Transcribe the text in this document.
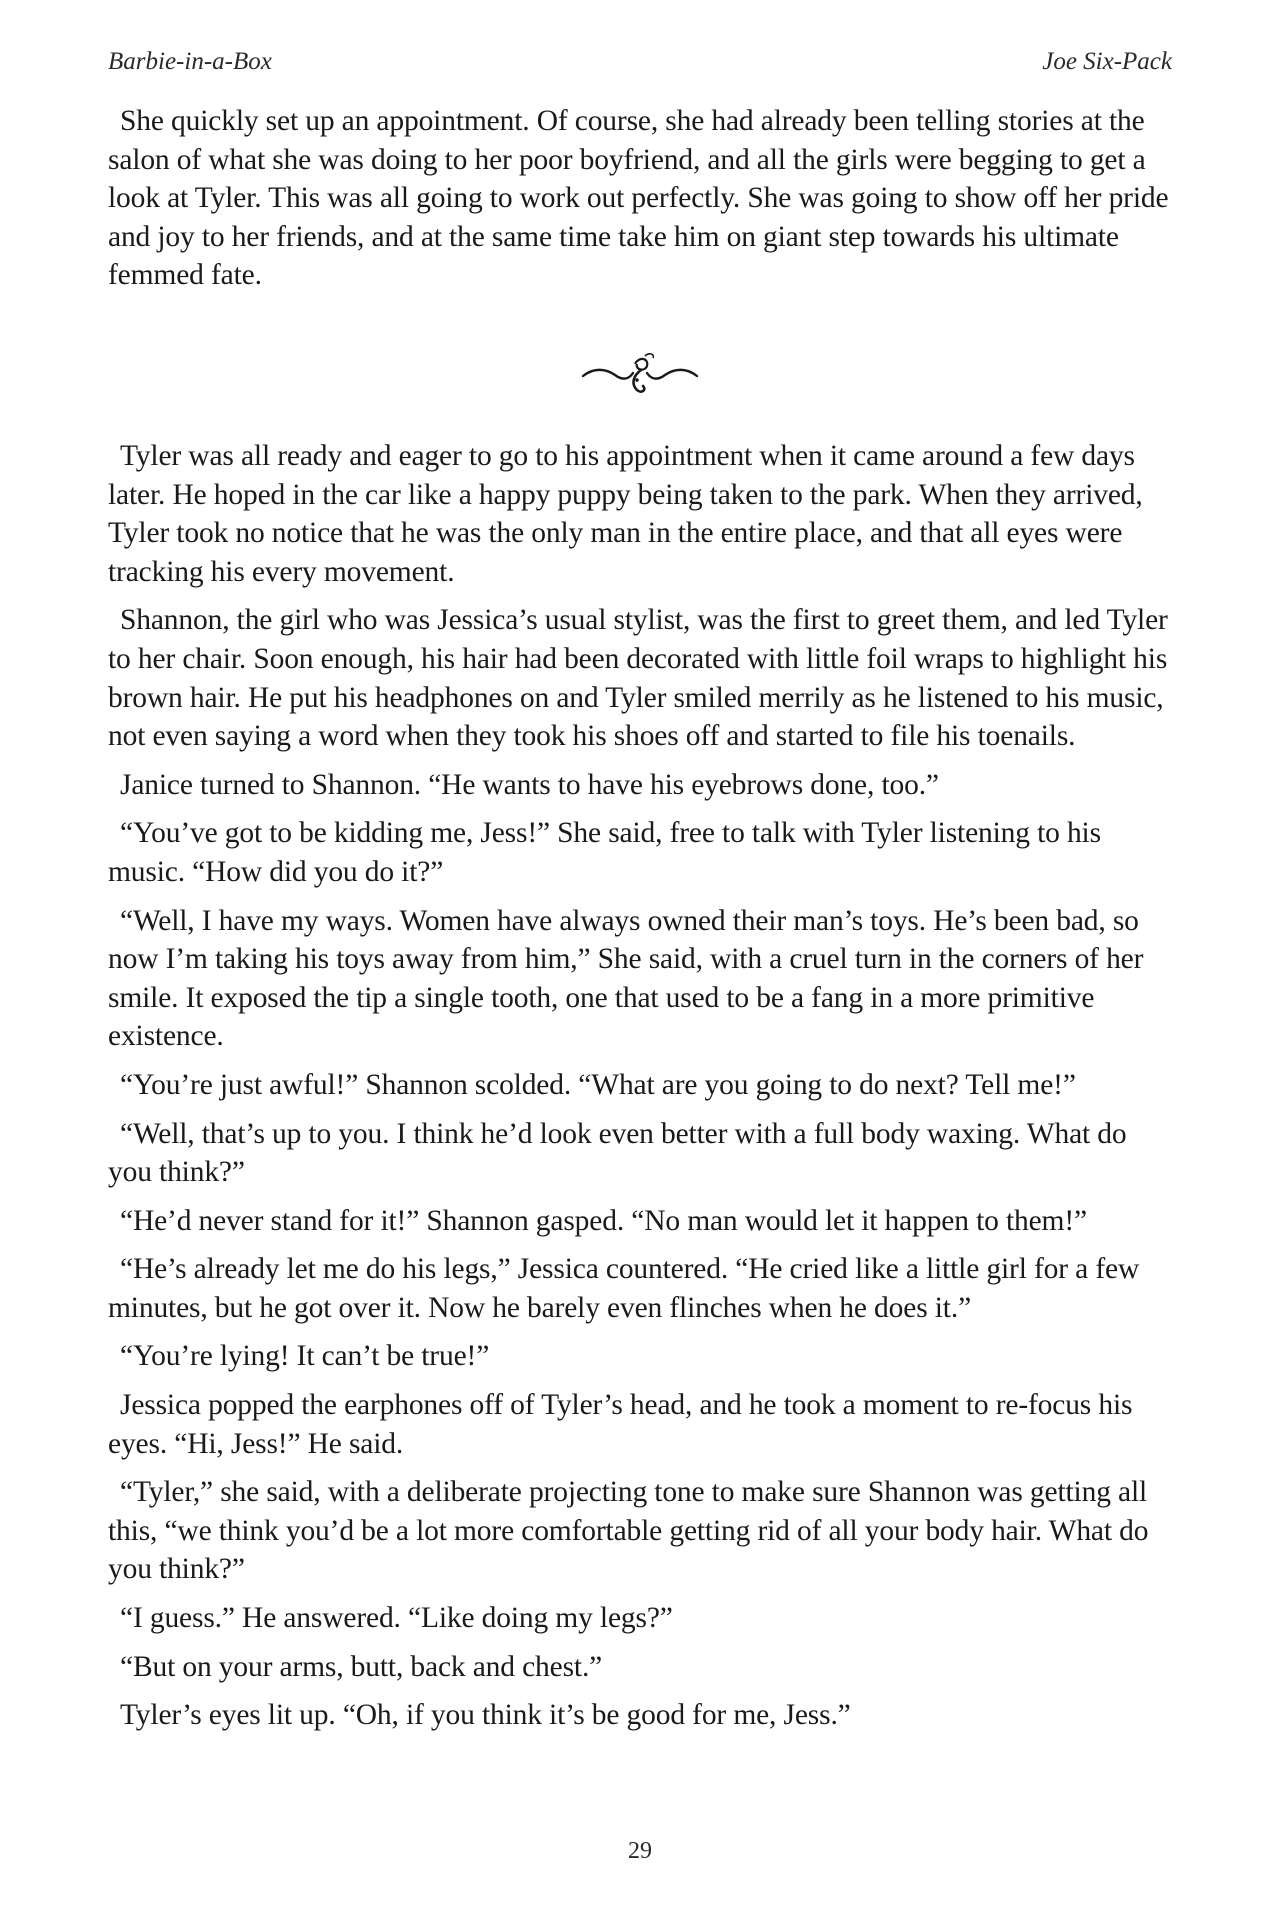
Barbie-in-a-Box	Joe Six-Pack

She quickly set up an appointment. Of course, she had already been telling stories at the salon of what she was doing to her poor boyfriend, and all the girls were begging to get a look at Tyler. This was all going to work out perfectly. She was going to show off her pride and joy to her friends, and at the same time take him on giant step towards his ultimate femmed fate.

Tyler was all ready and eager to go to his appointment when it came around a few days later. He hoped in the car like a happy puppy being taken to the park. When they arrived, Tyler took no notice that he was the only man in the entire place, and that all eyes were tracking his every movement.

Shannon, the girl who was Jessica’s usual stylist, was the first to greet them, and led Tyler to her chair. Soon enough, his hair had been decorated with little foil wraps to highlight his brown hair. He put his headphones on and Tyler smiled merrily as he listened to his music, not even saying a word when they took his shoes off and started to file his toenails.

Janice turned to Shannon. “He wants to have his eyebrows done, too.”

“You’ve got to be kidding me, Jess!” She said, free to talk with Tyler listening to his music. “How did you do it?”

“Well, I have my ways. Women have always owned their man’s toys. He’s been bad, so now I’m taking his toys away from him,” She said, with a cruel turn in the corners of her smile. It exposed the tip a single tooth, one that used to be a fang in a more primitive existence.

“You’re just awful!” Shannon scolded. “What are you going to do next? Tell me!”

“Well, that’s up to you. I think he’d look even better with a full body waxing. What do you think?”

“He’d never stand for it!” Shannon gasped. “No man would let it happen to them!”

“He’s already let me do his legs,” Jessica countered. “He cried like a little girl for a few minutes, but he got over it. Now he barely even flinches when he does it.”

“You’re lying! It can’t be true!”

Jessica popped the earphones off of Tyler’s head, and he took a moment to re-focus his eyes. “Hi, Jess!” He said.

“Tyler,” she said, with a deliberate projecting tone to make sure Shannon was getting all this, “we think you’d be a lot more comfortable getting rid of all your body hair. What do you think?”

“I guess.” He answered. “Like doing my legs?”

“But on your arms, butt, back and chest.”

Tyler’s eyes lit up. “Oh, if you think it’s be good for me, Jess.”

29
